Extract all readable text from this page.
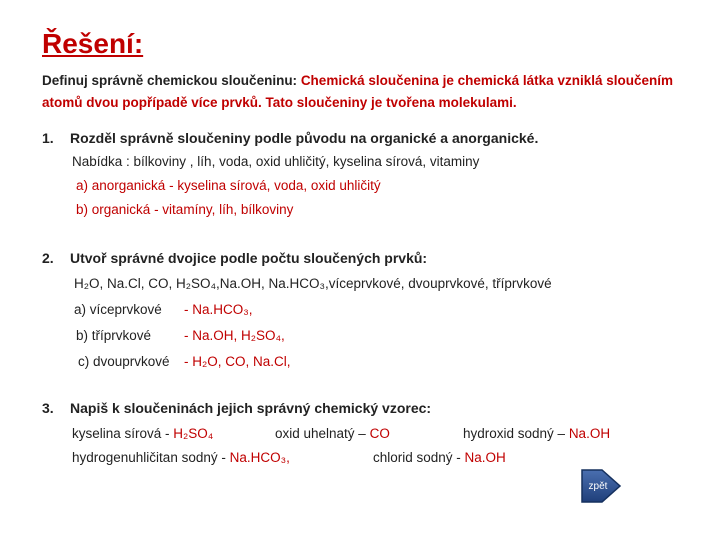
Řešení:
Definuj správně chemickou sloučeninu: Chemická sloučenina je chemická látka vzniklá sloučením atomů dvou popřípadě více prvků. Tato sloučeniny je tvořena molekulami.
1. Rozděl správně sloučeniny podle původu na organické a anorganické.
Nabídka : bílkoviny , líh, voda, oxid uhličitý, kyselina sírová, vitaminy
a) anorganická - kyselina sírová, voda, oxid uhličitý
b) organická - vitamíny, líh, bílkoviny
2. Utvoř správné dvojice podle počtu sloučených prvků:
H₂O, Na.Cl, CO, H₂SO₄,Na.OH, Na.HCO₃,víceprvkové, dvouprvkové, tříprvkové
a) víceprvkové - Na.HCO₃,
b) tříprvkové - Na.OH, H₂SO₄,
c) dvouprvkové - H₂O, CO, Na.Cl,
3. Napiš k sloučeninách jejich správný chemický vzorec:
kyselina sírová - H₂SO₄	oxid uhelnatý – CO	hydroxid sodný – Na.OH
hydrogenuhličitan sodný - Na.HCO₃,	chlorid sodný - Na.OH
zpět
